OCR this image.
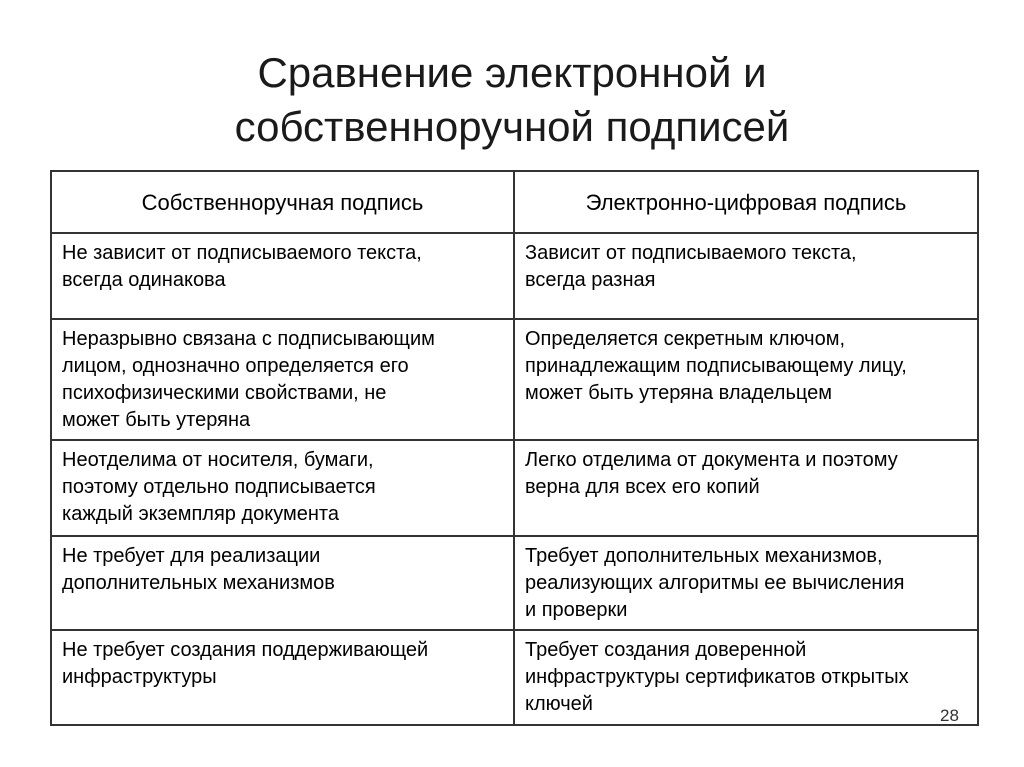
Сравнение электронной и
собственноручной подписей
Собственноручная подпись	Электронно-цифровая подпись

Не зависит от подписываемого текста,
всегда одинакова	Зависит от подписываемого текста,
всегда разная

Неразрывно связана с подписывающим
лицом, однозначно определяется его
психофизическими свойствами, не
может быть утеряна	Определяется секретным ключом,
принадлежащим подписывающему лицу,
может быть утеряна владельцем

Неотделима от носителя, бумаги,
поэтому отдельно подписывается
каждый экземпляр документа	Легко отделима от документа и поэтому
верна для всех его копий

Не требует для реализации
дополнительных механизмов	Требует дополнительных механизмов,
реализующих алгоритмы ее вычисления
и проверки

Не требует создания поддерживающей
инфраструктуры	Требует создания доверенной
инфраструктуры сертификатов открытых
ключей
28
